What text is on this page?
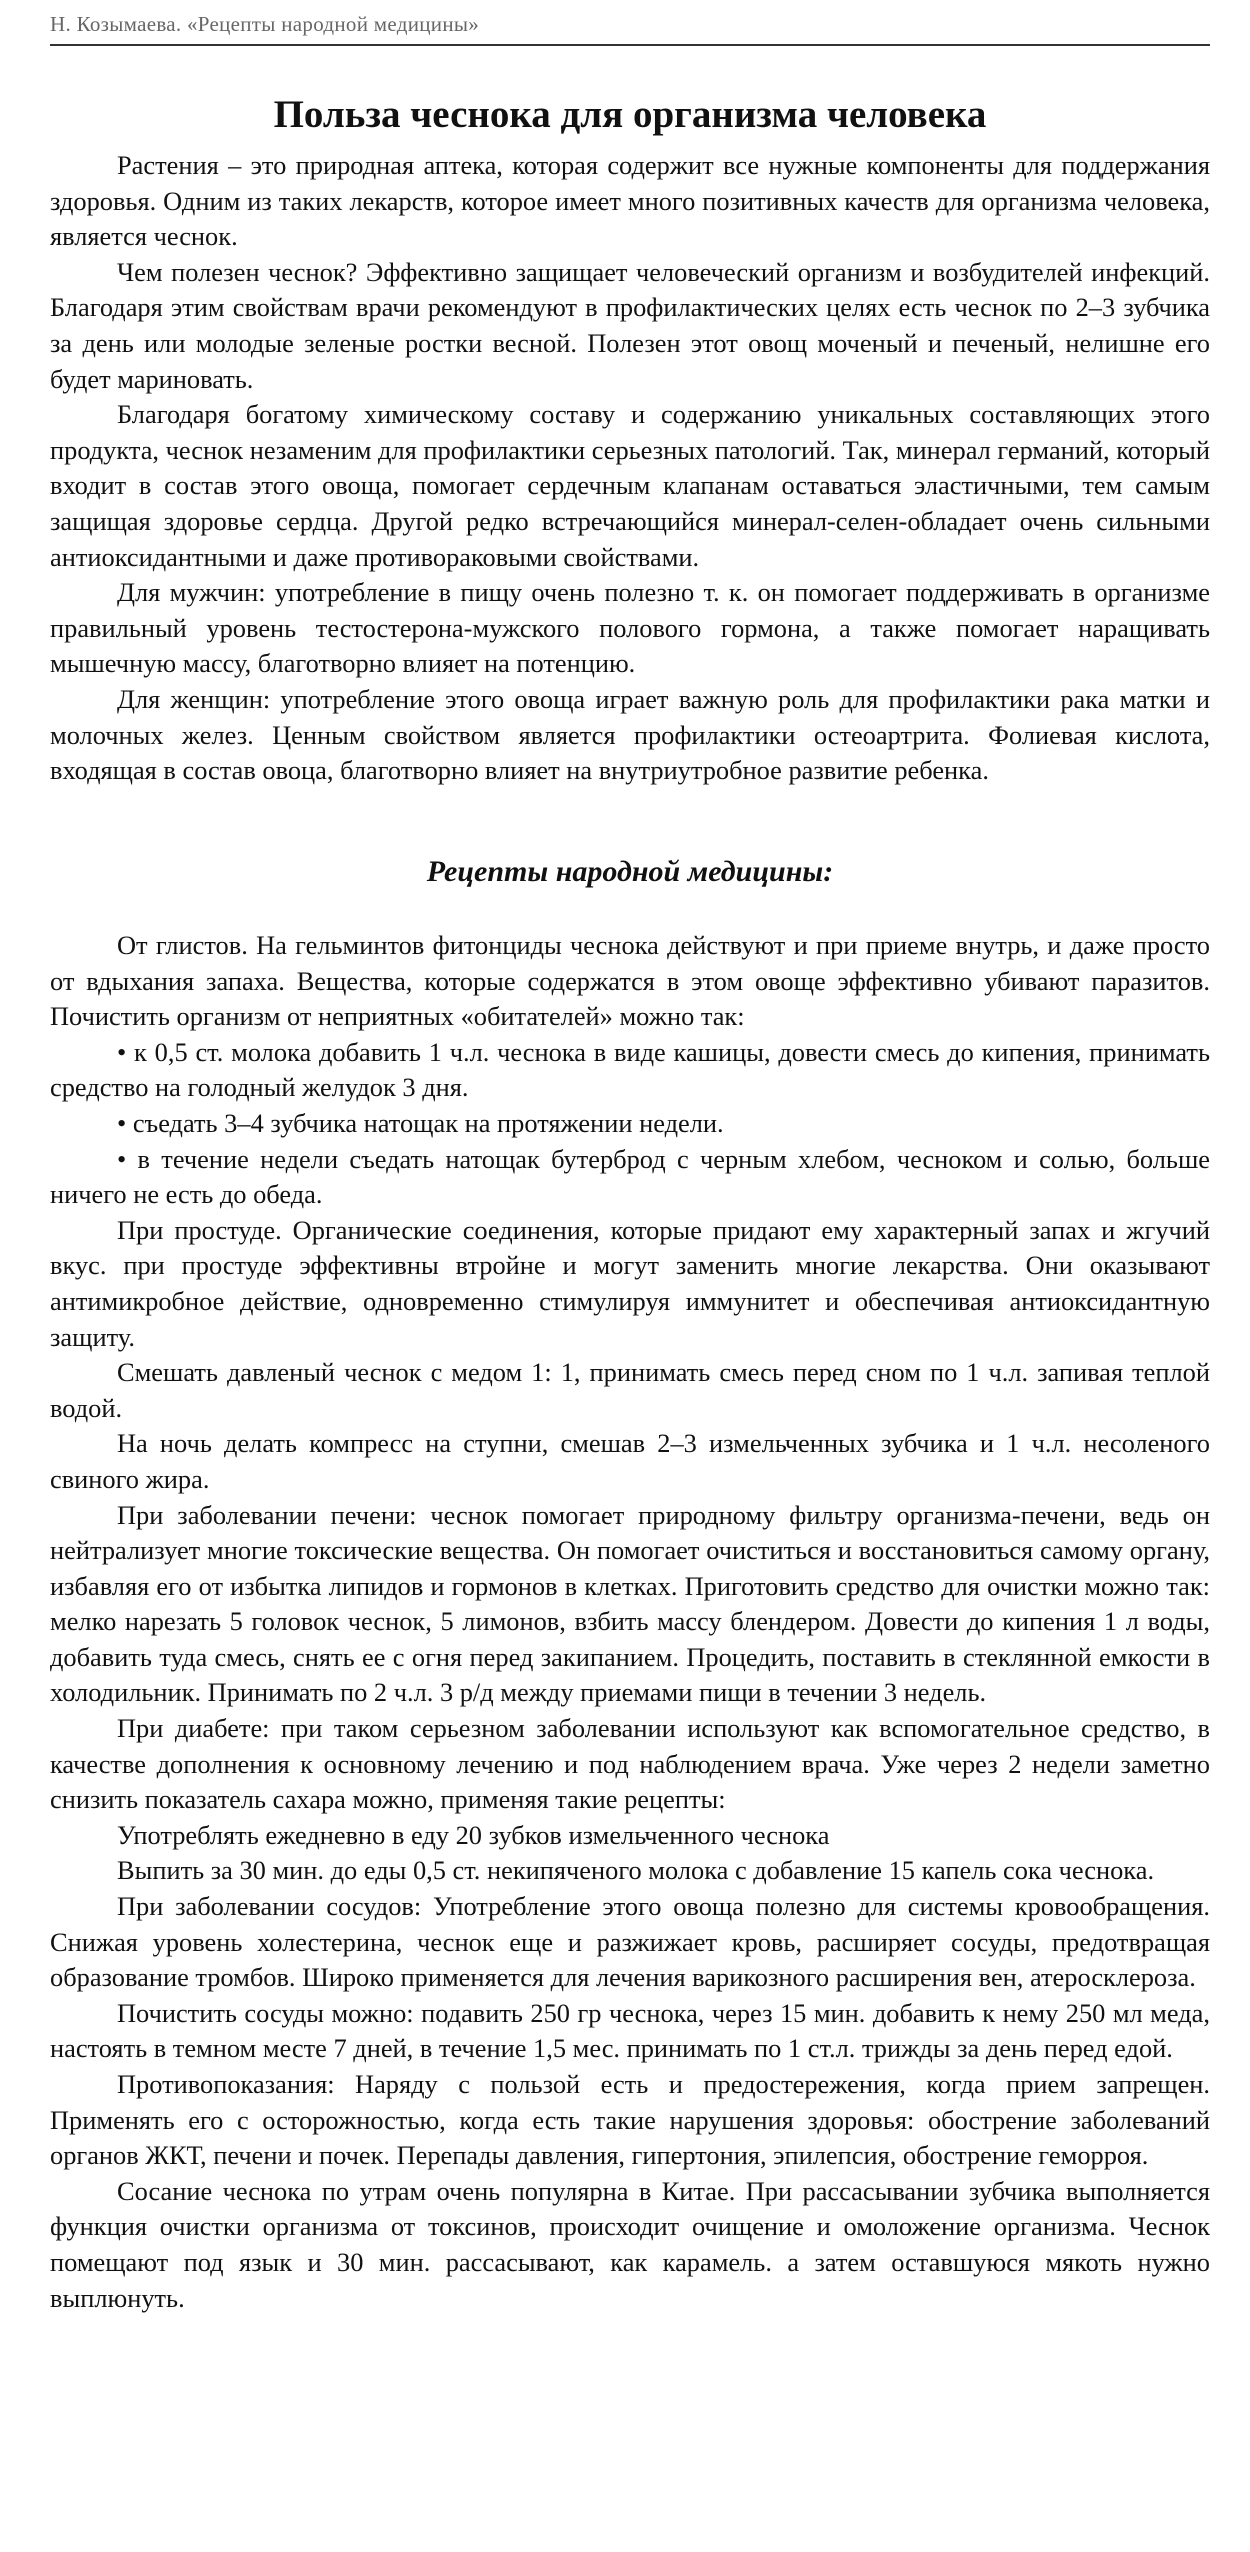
Н. Козымаева. «Рецепты народной медицины»
Польза чеснока для организма человека

Растения – это природная аптека, которая содержит все нужные компоненты для поддержания здоровья. Одним из таких лекарств, которое имеет много позитивных качеств для организма человека, является чеснок.

Чем полезен чеснок? Эффективно защищает человеческий организм и возбудителей инфекций. Благодаря этим свойствам врачи рекомендуют в профилактических целях есть чеснок по 2–3 зубчика за день или молодые зеленые ростки весной. Полезен этот овощ моченый и печеный, нелишне его будет мариновать.

Благодаря богатому химическому составу и содержанию уникальных составляющих этого продукта, чеснок незаменим для профилактики серьезных патологий. Так, минерал германий, который входит в состав этого овоща, помогает сердечным клапанам оставаться эластичными, тем самым защищая здоровье сердца. Другой редко встречающийся минерал-селен-обладает очень сильными антиоксидантными и даже противораковыми свойствами.

Для мужчин: употребление в пищу очень полезно т. к. он помогает поддерживать в организме правильный уровень тестостерона-мужского полового гормона, а также помогает наращивать мышечную массу, благотворно влияет на потенцию.

Для женщин: употребление этого овоща играет важную роль для профилактики рака матки и молочных желез. Ценным свойством является профилактики остеоартрита. Фолиевая кислота, входящая в состав овоца, благотворно влияет на внутриутробное развитие ребенка.

Рецепты народной медицины:

От глистов. На гельминтов фитонциды чеснока действуют и при приеме внутрь, и даже просто от вдыхания запаха. Вещества, которые содержатся в этом овоще эффективно убивают паразитов. Почистить организм от неприятных «обитателей» можно так:

• к 0,5 ст. молока добавить 1 ч.л. чеснока в виде кашицы, довести смесь до кипения, принимать средство на голодный желудок 3 дня.

• съедать 3–4 зубчика натощак на протяжении недели.

• в течение недели съедать натощак бутерброд с черным хлебом, чесноком и солью, больше ничего не есть до обеда.

При простуде. Органические соединения, которые придают ему характерный запах и жгучий вкус. при простуде эффективны втройне и могут заменить многие лекарства. Они оказывают антимикробное действие, одновременно стимулируя иммунитет и обеспечивая антиоксидантную защиту.

Смешать давленый чеснок с медом 1: 1, принимать смесь перед сном по 1 ч.л. запивая теплой водой.

На ночь делать компресс на ступни, смешав 2–3 измельченных зубчика и 1 ч.л. несоленого свиного жира.

При заболевании печени: чеснок помогает природному фильтру организма-печени, ведь он нейтрализует многие токсические вещества. Он помогает очиститься и восстановиться самому органу, избавляя его от избытка липидов и гормонов в клетках. Приготовить средство для очистки можно так: мелко нарезать 5 головок чеснок, 5 лимонов, взбить массу блендером. Довести до кипения 1 л воды, добавить туда смесь, снять ее с огня перед закипанием. Процедить, поставить в стеклянной емкости в холодильник. Принимать по 2 ч.л. 3 р/д между приемами пищи в течении 3 недель.

При диабете: при таком серьезном заболевании используют как вспомогательное средство, в качестве дополнения к основному лечению и под наблюдением врача. Уже через 2 недели заметно снизить показатель сахара можно, применяя такие рецепты:

Употреблять ежедневно в еду 20 зубков измельченного чеснока

Выпить за 30 мин. до еды 0,5 ст. некипяченого молока с добавление 15 капель сока чеснока.

При заболевании сосудов: Употребление этого овоща полезно для системы кровообращения. Снижая уровень холестерина, чеснок еще и разжижает кровь, расширяет сосуды, предотвращая образование тромбов. Широко применяется для лечения варикозного расширения вен, атеросклероза.

Почистить сосуды можно: подавить 250 гр чеснока, через 15 мин. добавить к нему 250 мл меда, настоять в темном месте 7 дней, в течение 1,5 мес. принимать по 1 ст.л. трижды за день перед едой.

Противопоказания: Наряду с пользой есть и предостережения, когда прием запрещен. Применять его с осторожностью, когда есть такие нарушения здоровья: обострение заболеваний органов ЖКТ, печени и почек. Перепады давления, гипертония, эпилепсия, обострение геморроя.

Сосание чеснока по утрам очень популярна в Китае. При рассасывании зубчика выполняется функция очистки организма от токсинов, происходит очищение и омоложение организма. Чеснок помещают под язык и 30 мин. рассасывают, как карамель. а затем оставшуюся мякоть нужно выплюнуть.
